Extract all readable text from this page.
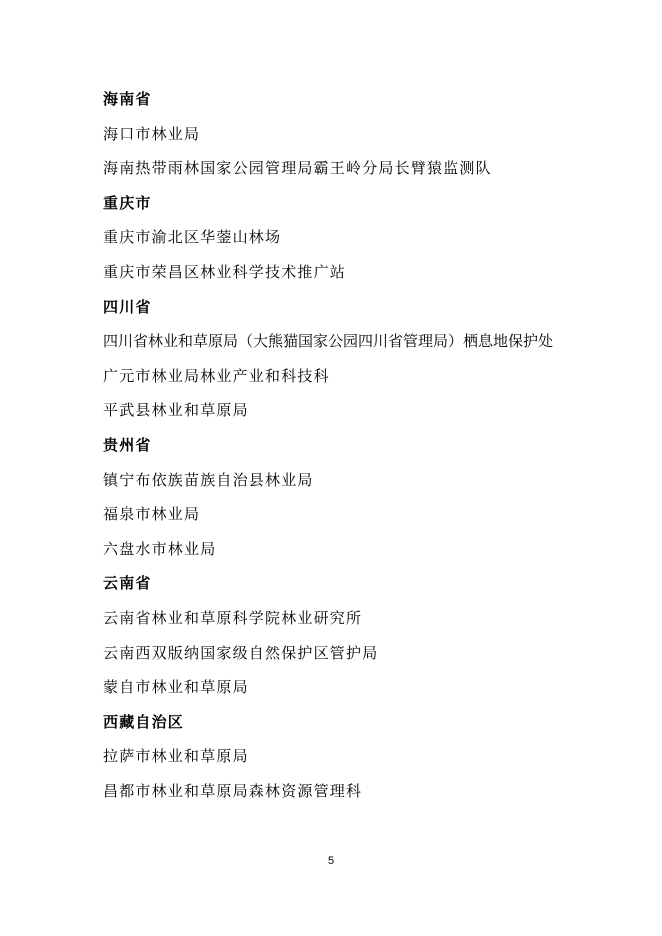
海南省
海口市林业局
海南热带雨林国家公园管理局霸王岭分局长臂猿监测队
重庆市
重庆市渝北区华蓥山林场
重庆市荣昌区林业科学技术推广站
四川省
四川省林业和草原局（大熊猫国家公园四川省管理局）栖息地保护处
广元市林业局林业产业和科技科
平武县林业和草原局
贵州省
镇宁布依族苗族自治县林业局
福泉市林业局
六盘水市林业局
云南省
云南省林业和草原科学院林业研究所
云南西双版纳国家级自然保护区管护局
蒙自市林业和草原局
西藏自治区
拉萨市林业和草原局
昌都市林业和草原局森林资源管理科
5
